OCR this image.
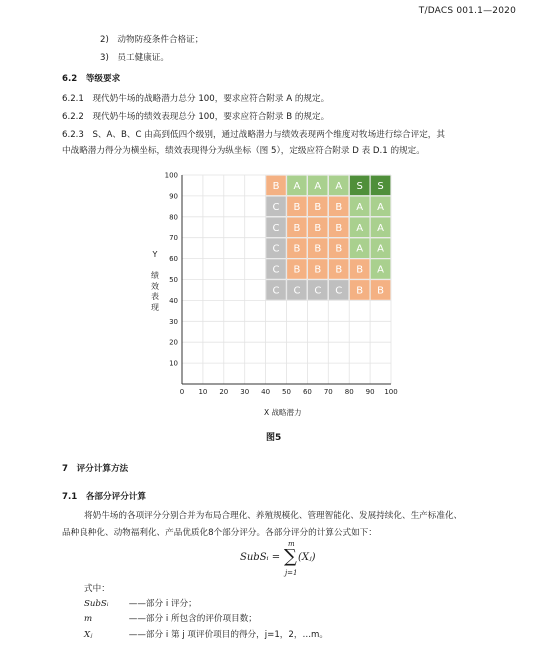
T/DACS 001.1—2020
2)　动物防疫条件合格证；
3)　员工健康证。
6.2　等级要求
6.2.1　现代奶牛场的战略潜力总分 100，要求应符合附录 A 的规定。
6.2.2　现代奶牛场的绩效表现总分 100，要求应符合附录 B 的规定。
6.2.3　S、A、B、C 由高到低四个级别，通过战略潜力与绩效表现两个维度对牧场进行综合评定，其
中战略潜力得分为横坐标，绩效表现得分为纵坐标（图 5），定级应符合附录 D 表 D.1 的规定。
B A A A S S
C B B B A A
C B B B A A
C B B B A A
C B B B B A
C C C C B B
0 10 20 30 40 50 60 70 80 90 100
10
20
30
40
50
60
70
80
90
100
Y

绩
效
表
现
X 战略潜力
图5
7　评分计算方法
7.1　各部分评分计算
将奶牛场的各项评分分别合并为布局合理化、养殖规模化、管理智能化、发展持续化、生产标准化、
品种良种化、动物福利化、产品优质化8个部分评分。各部分评分的计算公式如下：
SubSᵢ =
m
∑
j=1
(Xⱼ)
式中：
SubSᵢ ——部分 i 评分；
m	——部分 i 所包含的评价项目数；
Xⱼ	——部分 i 第 j 项评价项目的得分，j=1，2，…m。
